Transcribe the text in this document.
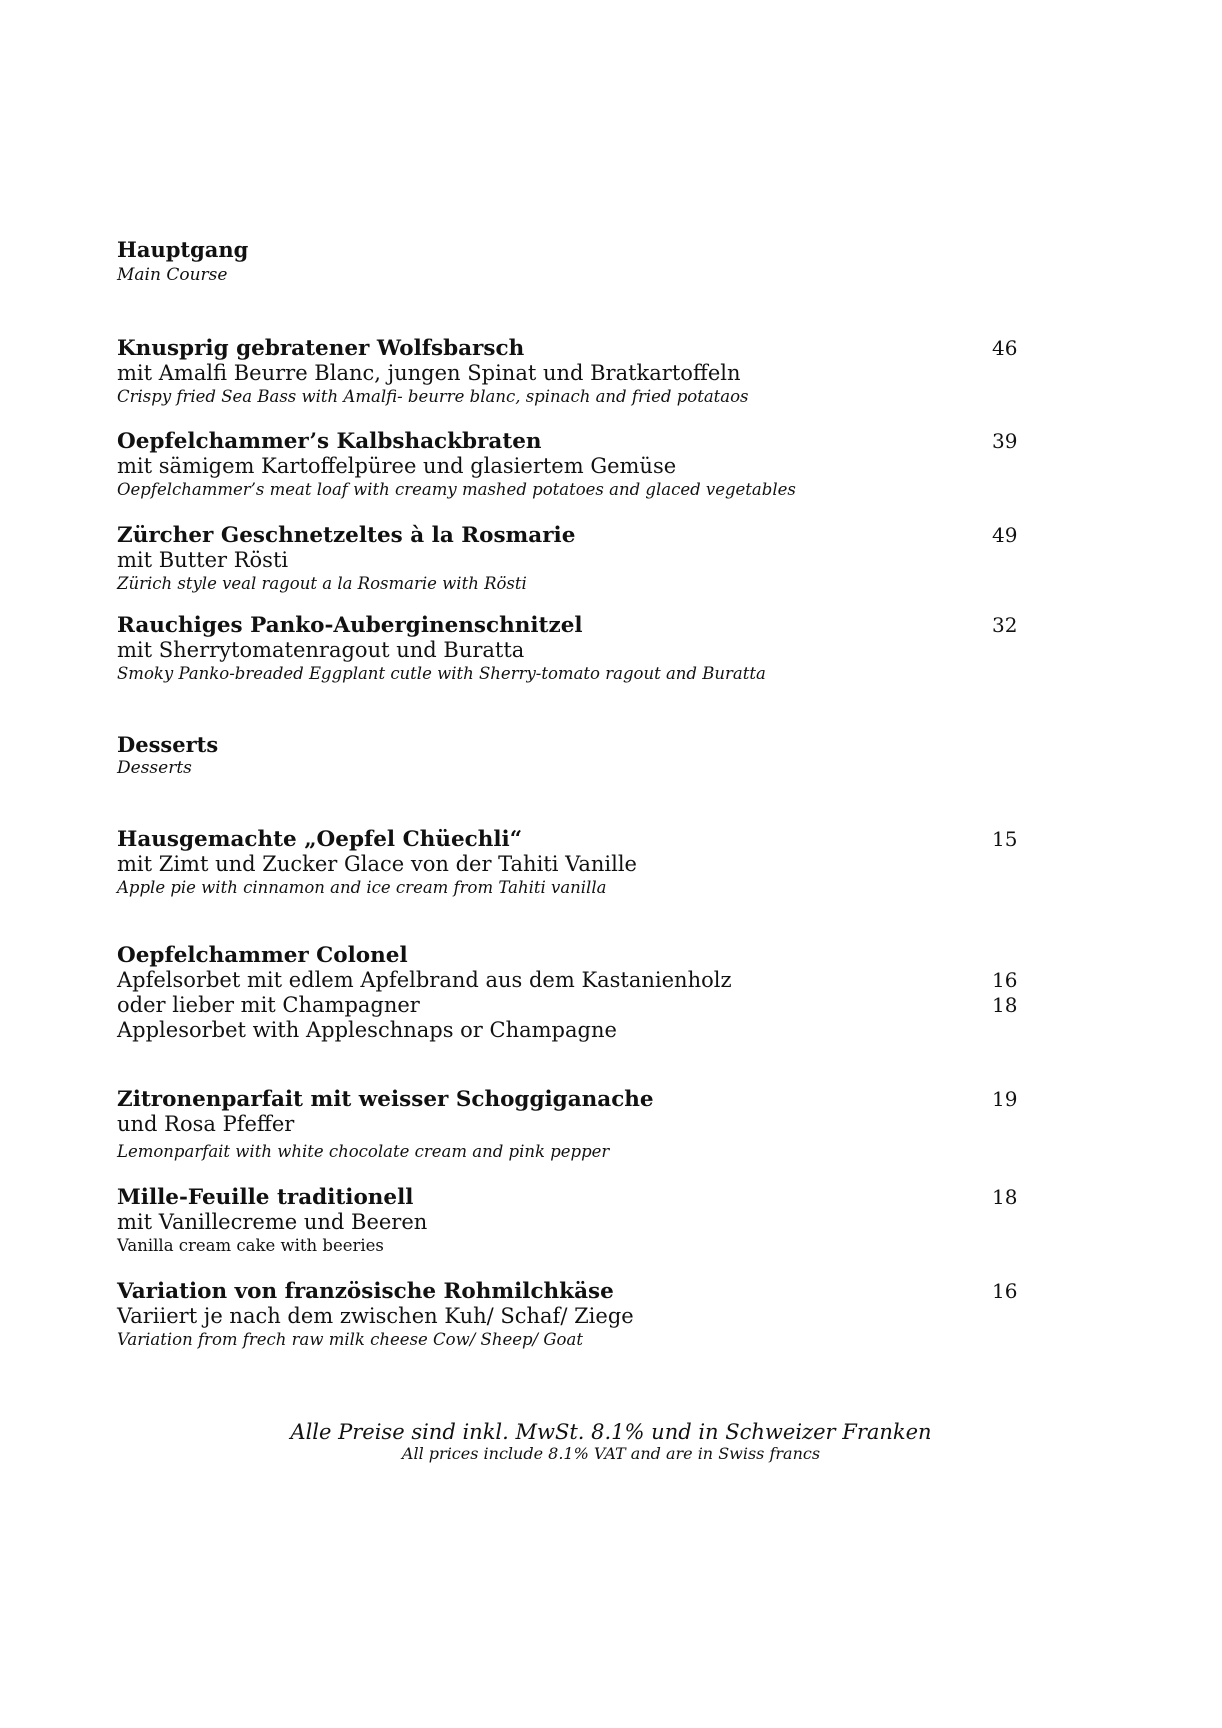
Hauptgang
Main Course
Knusprig gebratener Wolfsbarsch	46
mit Amalfi Beurre Blanc, jungen Spinat und Bratkartoffeln
Crispy fried Sea Bass with Amalfi- beurre blanc, spinach and fried potataos
Oepfelchammer’s Kalbshackbraten	39
mit sämigem Kartoffelpüree und glasiertem Gemüse
Oepfelchammer’s meat loaf with creamy mashed potatoes and glaced vegetables
Zürcher Geschnetzeltes à la Rosmarie	49
mit Butter Rösti
Zürich style veal ragout a la Rosmarie with Rösti
Rauchiges Panko-Auberginenschnitzel	32
mit Sherrytomatenragout und Buratta
Smoky Panko-breaded Eggplant cutle with Sherry-tomato ragout and Buratta
Desserts
Desserts
Hausgemachte „Oepfel Chüechli“	15
mit Zimt und Zucker Glace von der Tahiti Vanille
Apple pie with cinnamon and ice cream from Tahiti vanilla
Oepfelchammer Colonel
Apfelsorbet mit edlem Apfelbrand aus dem Kastanienholz	16
oder lieber mit Champagner	18
Applesorbet with Appleschnaps or Champagne
Zitronenparfait mit weisser Schoggiganache	19
und Rosa Pfeffer
Lemonparfait with white chocolate cream and pink pepper
Mille-Feuille traditionell	18
mit Vanillecreme und Beeren
Vanilla cream cake with beeries
Variation von französische Rohmilchkäse	16
Variiert je nach dem zwischen Kuh/ Schaf/ Ziege
Variation from frech raw milk cheese Cow/ Sheep/ Goat
Alle Preise sind inkl. MwSt. 8.1% und in Schweizer Franken
All prices include 8.1% VAT and are in Swiss francs
